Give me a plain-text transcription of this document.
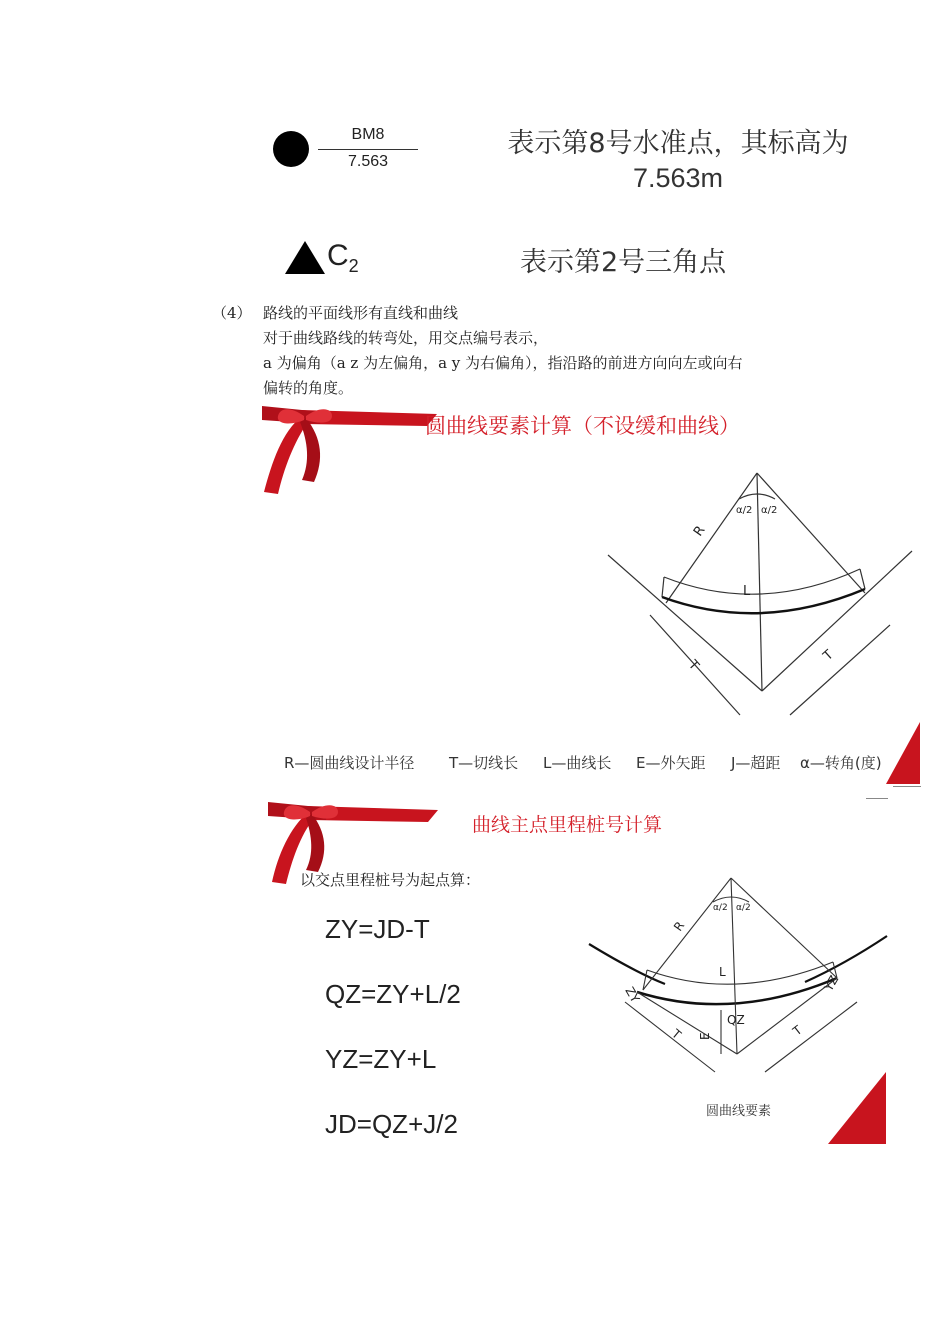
BM8
7.563
表示第8号水准点，其标高为
7.563m
$C_2$	表示第2号三角点
（4） 路线的平面线形有直线和曲线
对于曲线路线的转弯处，用交点编号表示，
a 为偏角（a z 为左偏角，a y 为右偏角），指沿路的前进方向向左或向右
偏转的角度。
圆曲线要素计算（不设缓和曲线）
R
L
T
T
α/2 α/2
R—圆曲线设计半径 T—切线长 L—曲线长 E—外矢距 J—超距 α—转角(度)
曲线主点里程桩号计算
以交点里程桩号为起点算：
ZY=JD-T
QZ=ZY+L/2
YZ=ZY+L
JD=QZ+J/2
R
L
T	T
E
QZ
ZY
YZ
α/2 α/2
圆曲线要素
